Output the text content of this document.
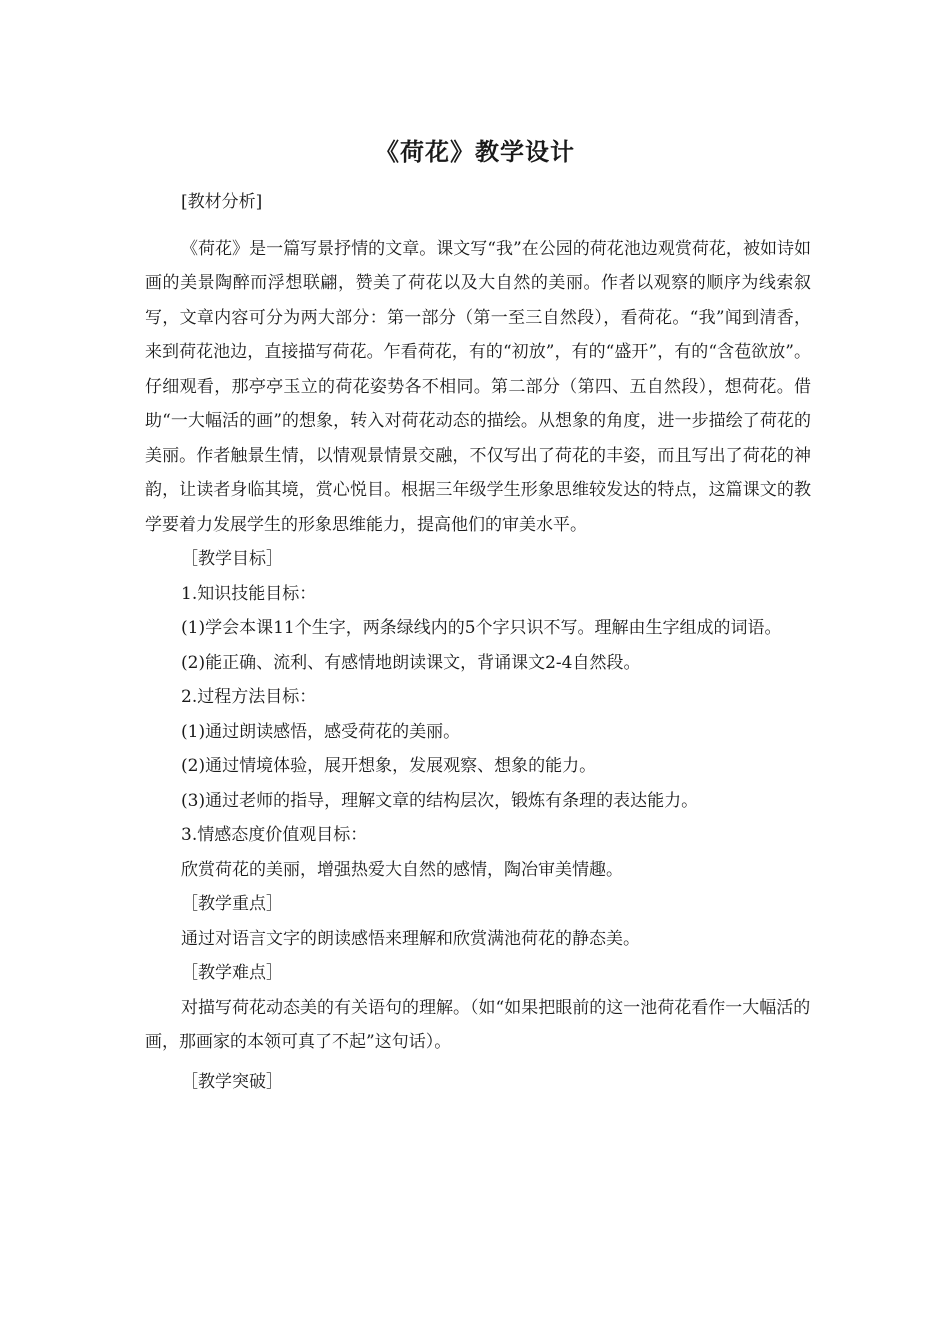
《荷花》教学设计

[教材分析]

《荷花》是一篇写景抒情的文章。课文写“我”在公园的荷花池边观赏荷花，被如诗如画的美景陶醉而浮想联翩，赞美了荷花以及大自然的美丽。作者以观察的顺序为线索叙写，文章内容可分为两大部分：第一部分（第一至三自然段），看荷花。“我”闻到清香，来到荷花池边，直接描写荷花。乍看荷花，有的“初放”，有的“盛开”，有的“含苞欲放”。仔细观看，那亭亭玉立的荷花姿势各不相同。第二部分（第四、五自然段），想荷花。借助“一大幅活的画”的想象，转入对荷花动态的描绘。从想象的角度，进一步描绘了荷花的美丽。作者触景生情，以情观景情景交融，不仅写出了荷花的丰姿，而且写出了荷花的神韵，让读者身临其境，赏心悦目。根据三年级学生形象思维较发达的特点，这篇课文的教学要着力发展学生的形象思维能力，提高他们的审美水平。

［教学目标］

1.知识技能目标：

(1)学会本课11个生字，两条绿线内的5个字只识不写。理解由生字组成的词语。

(2)能正确、流利、有感情地朗读课文，背诵课文2-4自然段。

2.过程方法目标：

(1)通过朗读感悟，感受荷花的美丽。

(2)通过情境体验，展开想象，发展观察、想象的能力。

(3)通过老师的指导，理解文章的结构层次，锻炼有条理的表达能力。

3.情感态度价值观目标：

欣赏荷花的美丽，增强热爱大自然的感情，陶冶审美情趣。

［教学重点］

通过对语言文字的朗读感悟来理解和欣赏满池荷花的静态美。

［教学难点］

对描写荷花动态美的有关语句的理解。（如“如果把眼前的这一池荷花看作一大幅活的画，那画家的本领可真了不起”这句话）。

［教学突破］
